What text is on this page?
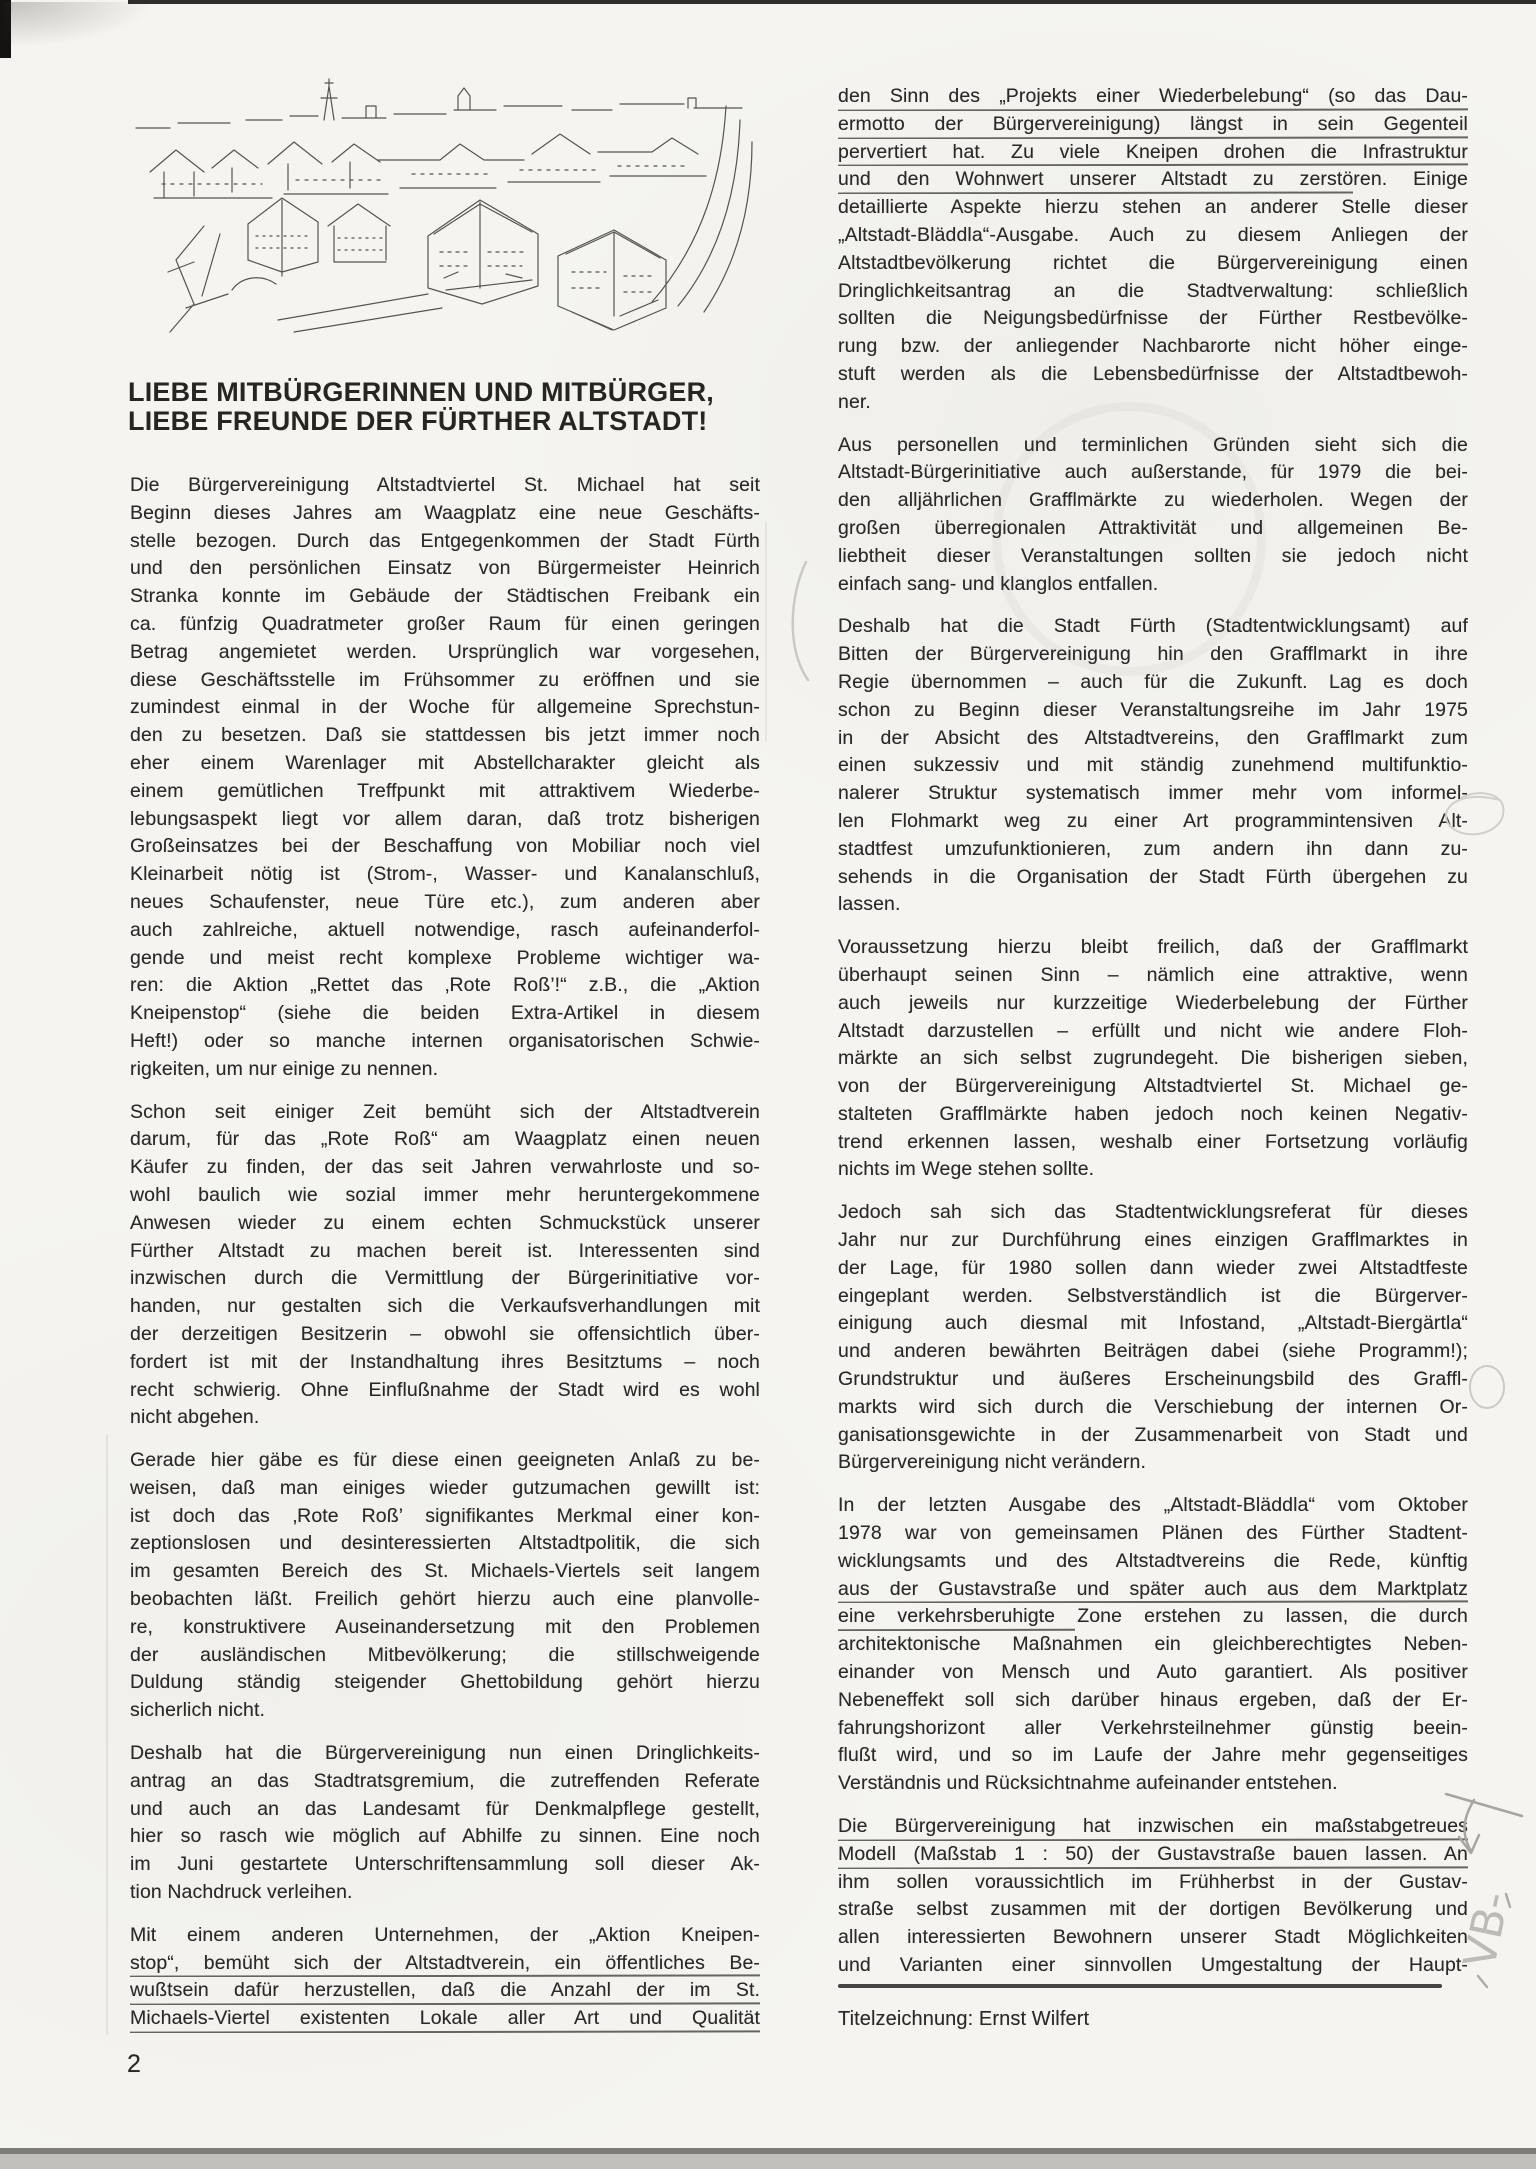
LIEBE MITBÜRGERINNEN UND MITBÜRGER,
LIEBE FREUNDE DER FÜRTHER ALTSTADT!
Die Bürgervereinigung Altstadtviertel St. Michael hat seit
Beginn dieses Jahres am Waagplatz eine neue Geschäfts-
stelle bezogen. Durch das Entgegenkommen der Stadt Fürth
und den persönlichen Einsatz von Bürgermeister Heinrich
Stranka konnte im Gebäude der Städtischen Freibank ein
ca. fünfzig Quadratmeter großer Raum für einen geringen
Betrag angemietet werden. Ursprünglich war vorgesehen,
diese Geschäftsstelle im Frühsommer zu eröffnen und sie
zumindest einmal in der Woche für allgemeine Sprechstun-
den zu besetzen. Daß sie stattdessen bis jetzt immer noch
eher einem Warenlager mit Abstellcharakter gleicht als
einem gemütlichen Treffpunkt mit attraktivem Wiederbe-
lebungsaspekt liegt vor allem daran, daß trotz bisherigen
Großeinsatzes bei der Beschaffung von Mobiliar noch viel
Kleinarbeit nötig ist (Strom-, Wasser- und Kanalanschluß,
neues Schaufenster, neue Türe etc.), zum anderen aber
auch zahlreiche, aktuell notwendige, rasch aufeinanderfol-
gende und meist recht komplexe Probleme wichtiger wa-
ren: die Aktion „Rettet das ‚Rote Roß’!“ z.B., die „Aktion
Kneipenstop“ (siehe die beiden Extra-Artikel in diesem
Heft!) oder so manche internen organisatorischen Schwie-
rigkeiten, um nur einige zu nennen.
Schon seit einiger Zeit bemüht sich der Altstadtverein
darum, für das „Rote Roß“ am Waagplatz einen neuen
Käufer zu finden, der das seit Jahren verwahrloste und so-
wohl baulich wie sozial immer mehr heruntergekommene
Anwesen wieder zu einem echten Schmuckstück unserer
Fürther Altstadt zu machen bereit ist. Interessenten sind
inzwischen durch die Vermittlung der Bürgerinitiative vor-
handen, nur gestalten sich die Verkaufsverhandlungen mit
der derzeitigen Besitzerin – obwohl sie offensichtlich über-
fordert ist mit der Instandhaltung ihres Besitztums – noch
recht schwierig. Ohne Einflußnahme der Stadt wird es wohl
nicht abgehen.
Gerade hier gäbe es für diese einen geeigneten Anlaß zu be-
weisen, daß man einiges wieder gutzumachen gewillt ist:
ist doch das ‚Rote Roß’ signifikantes Merkmal einer kon-
zeptionslosen und desinteressierten Altstadtpolitik, die sich
im gesamten Bereich des St. Michaels-Viertels seit langem
beobachten läßt. Freilich gehört hierzu auch eine planvolle-
re, konstruktivere Auseinandersetzung mit den Problemen
der ausländischen Mitbevölkerung; die stillschweigende
Duldung ständig steigender Ghettobildung gehört hierzu
sicherlich nicht.
Deshalb hat die Bürgervereinigung nun einen Dringlichkeits-
antrag an das Stadtratsgremium, die zutreffenden Referate
und auch an das Landesamt für Denkmalpflege gestellt,
hier so rasch wie möglich auf Abhilfe zu sinnen. Eine noch
im Juni gestartete Unterschriftensammlung soll dieser Ak-
tion Nachdruck verleihen.
Mit einem anderen Unternehmen, der „Aktion Kneipen-
stop“, bemüht sich der Altstadtverein, ein öffentliches Be-
wußtsein dafür herzustellen, daß die Anzahl der im St.
Michaels-Viertel existenten Lokale aller Art und Qualität
den Sinn des „Projekts einer Wiederbelebung“ (so das Dau-
ermotto der Bürgervereinigung) längst in sein Gegenteil
pervertiert hat. Zu viele Kneipen drohen die Infrastruktur
und den Wohnwert unserer Altstadt zu zerstören. Einige
detaillierte Aspekte hierzu stehen an anderer Stelle dieser
„Altstadt-Bläddla“-Ausgabe. Auch zu diesem Anliegen der
Altstadtbevölkerung richtet die Bürgervereinigung einen
Dringlichkeitsantrag an die Stadtverwaltung: schließlich
sollten die Neigungsbedürfnisse der Fürther Restbevölke-
rung bzw. der anliegender Nachbarorte nicht höher einge-
stuft werden als die Lebensbedürfnisse der Altstadtbewoh-
ner.
Aus personellen und terminlichen Gründen sieht sich die
Altstadt-Bürgerinitiative auch außerstande, für 1979 die bei-
den alljährlichen Grafflmärkte zu wiederholen. Wegen der
großen überregionalen Attraktivität und allgemeinen Be-
liebtheit dieser Veranstaltungen sollten sie jedoch nicht
einfach sang- und klanglos entfallen.
Deshalb hat die Stadt Fürth (Stadtentwicklungsamt) auf
Bitten der Bürgervereinigung hin den Grafflmarkt in ihre
Regie übernommen – auch für die Zukunft. Lag es doch
schon zu Beginn dieser Veranstaltungsreihe im Jahr 1975
in der Absicht des Altstadtvereins, den Grafflmarkt zum
einen sukzessiv und mit ständig zunehmend multifunktio-
nalerer Struktur systematisch immer mehr vom informel-
len Flohmarkt weg zu einer Art programmintensiven Alt-
stadtfest umzufunktionieren, zum andern ihn dann zu-
sehends in die Organisation der Stadt Fürth übergehen zu
lassen.
Voraussetzung hierzu bleibt freilich, daß der Grafflmarkt
überhaupt seinen Sinn – nämlich eine attraktive, wenn
auch jeweils nur kurzzeitige Wiederbelebung der Fürther
Altstadt darzustellen – erfüllt und nicht wie andere Floh-
märkte an sich selbst zugrundegeht. Die bisherigen sieben,
von der Bürgervereinigung Altstadtviertel St. Michael ge-
stalteten Grafflmärkte haben jedoch noch keinen Negativ-
trend erkennen lassen, weshalb einer Fortsetzung vorläufig
nichts im Wege stehen sollte.
Jedoch sah sich das Stadtentwicklungsreferat für dieses
Jahr nur zur Durchführung eines einzigen Grafflmarktes in
der Lage, für 1980 sollen dann wieder zwei Altstadtfeste
eingeplant werden. Selbstverständlich ist die Bürgerver-
einigung auch diesmal mit Infostand, „Altstadt-Biergärtla“
und anderen bewährten Beiträgen dabei (siehe Programm!);
Grundstruktur und äußeres Erscheinungsbild des Graffl-
markts wird sich durch die Verschiebung der internen Or-
ganisationsgewichte in der Zusammenarbeit von Stadt und
Bürgervereinigung nicht verändern.
In der letzten Ausgabe des „Altstadt-Bläddla“ vom Oktober
1978 war von gemeinsamen Plänen des Fürther Stadtent-
wicklungsamts und des Altstadtvereins die Rede, künftig
aus der Gustavstraße und später auch aus dem Marktplatz
eine verkehrsberuhigte Zone erstehen zu lassen, die durch
architektonische Maßnahmen ein gleichberechtigtes Neben-
einander von Mensch und Auto garantiert. Als positiver
Nebeneffekt soll sich darüber hinaus ergeben, daß der Er-
fahrungshorizont aller Verkehrsteilnehmer günstig beein-
flußt wird, und so im Laufe der Jahre mehr gegenseitiges
Verständnis und Rücksichtnahme aufeinander entstehen.
Die Bürgervereinigung hat inzwischen ein maßstabgetreues
Modell (Maßstab 1 : 50) der Gustavstraße bauen lassen. An
ihm sollen voraussichtlich im Frühherbst in der Gustav-
straße selbst zusammen mit der dortigen Bevölkerung und
allen interessierten Bewohnern unserer Stadt Möglichkeiten
und Varianten einer sinnvollen Umgestaltung der Haupt-
Titelzeichnung: Ernst Wilfert
2
VB-
